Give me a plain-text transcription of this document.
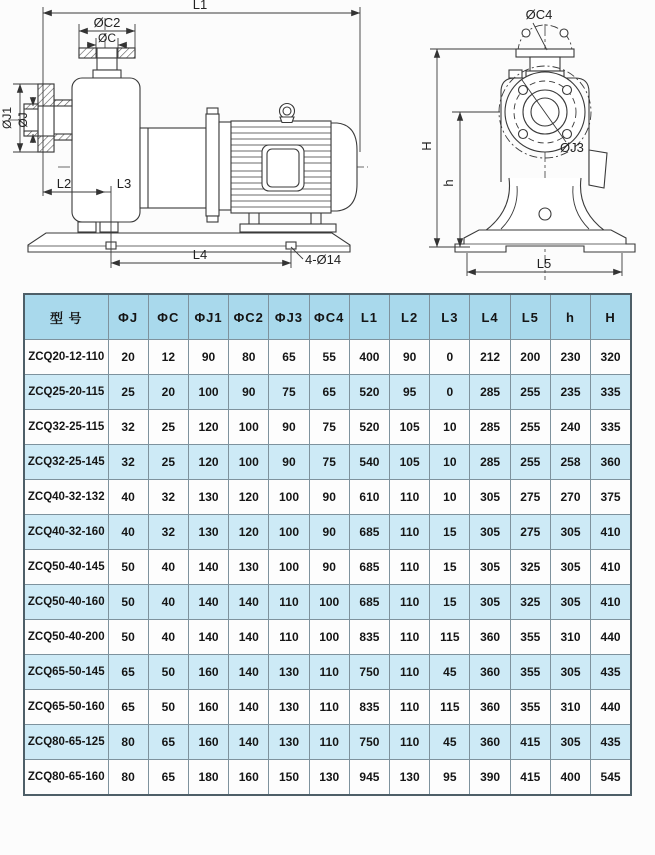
L1
ØC2
ØC
ØJ1 ØJ
L2	L3
L4	4-Ø14
ØC4
ØJ3
H
h
L5
型 号	ΦJ	ΦC	ΦJ1	ΦC2	ΦJ3	ΦC4	L1	L2	L3	L4	L5	h	H
ZCQ20-12-110	20	12	90	80	65	55	400	90	0	212	200	230	320
ZCQ25-20-115	25	20	100	90	75	65	520	95	0	285	255	235	335
ZCQ32-25-115	32	25	120	100	90	75	520	105	10	285	255	240	335
ZCQ32-25-145	32	25	120	100	90	75	540	105	10	285	255	258	360
ZCQ40-32-132	40	32	130	120	100	90	610	110	10	305	275	270	375
ZCQ40-32-160	40	32	130	120	100	90	685	110	15	305	275	305	410
ZCQ50-40-145	50	40	140	130	100	90	685	110	15	305	325	305	410
ZCQ50-40-160	50	40	140	140	110	100	685	110	15	305	325	305	410
ZCQ50-40-200	50	40	140	140	110	100	835	110	115	360	355	310	440
ZCQ65-50-145	65	50	160	140	130	110	750	110	45	360	355	305	435
ZCQ65-50-160	65	50	160	140	130	110	835	110	115	360	355	310	440
ZCQ80-65-125	80	65	160	140	130	110	750	110	45	360	415	305	435
ZCQ80-65-160	80	65	180	160	150	130	945	130	95	390	415	400	545
